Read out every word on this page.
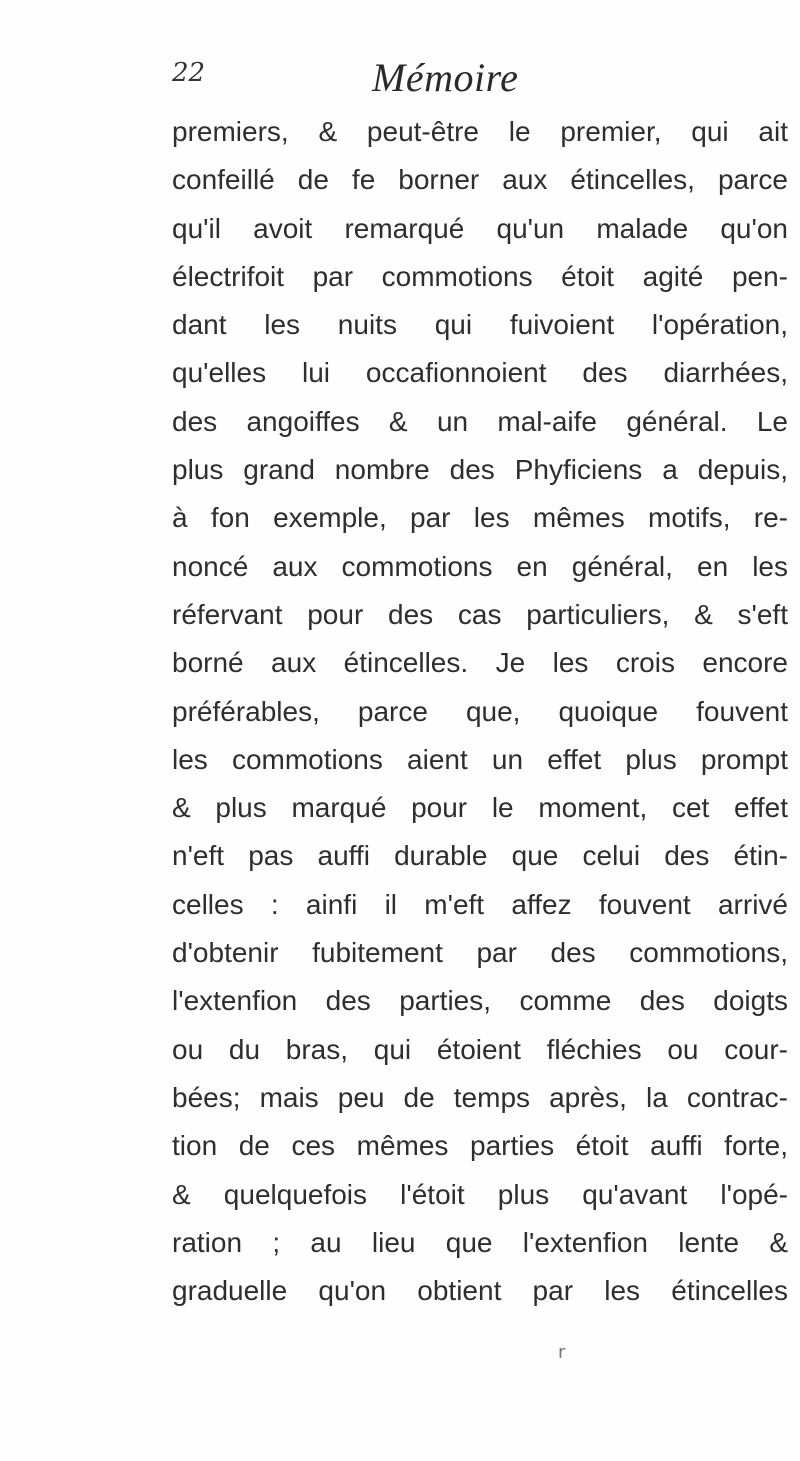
22	Mémoire
premiers, & peut-être le premier, qui ait
confeillé de fe borner aux étincelles, parce
qu'il avoit remarqué qu'un malade qu'on
électrifoit par commotions étoit agité pen-
dant les nuits qui fuivoient l'opération,
qu'elles lui occafionnoient des diarrhées,
des angoiffes & un mal-aife général. Le
plus grand nombre des Phyficiens a depuis,
à fon exemple, par les mêmes motifs, re-
noncé aux commotions en général, en les
réfervant pour des cas particuliers, & s'eft
borné aux étincelles. Je les crois encore
préférables, parce que, quoique fouvent
les commotions aient un effet plus prompt
& plus marqué pour le moment, cet effet
n'eft pas auffi durable que celui des étin-
celles : ainfi il m'eft affez fouvent arrivé
d'obtenir fubitement par des commotions,
l'extenfion des parties, comme des doigts
ou du bras, qui étoient fléchies ou cour-
bées; mais peu de temps après, la contrac-
tion de ces mêmes parties étoit auffi forte,
& quelquefois l'étoit plus qu'avant l'opé-
ration ; au lieu que l'extenfion lente &
graduelle qu'on obtient par les étincelles
r
